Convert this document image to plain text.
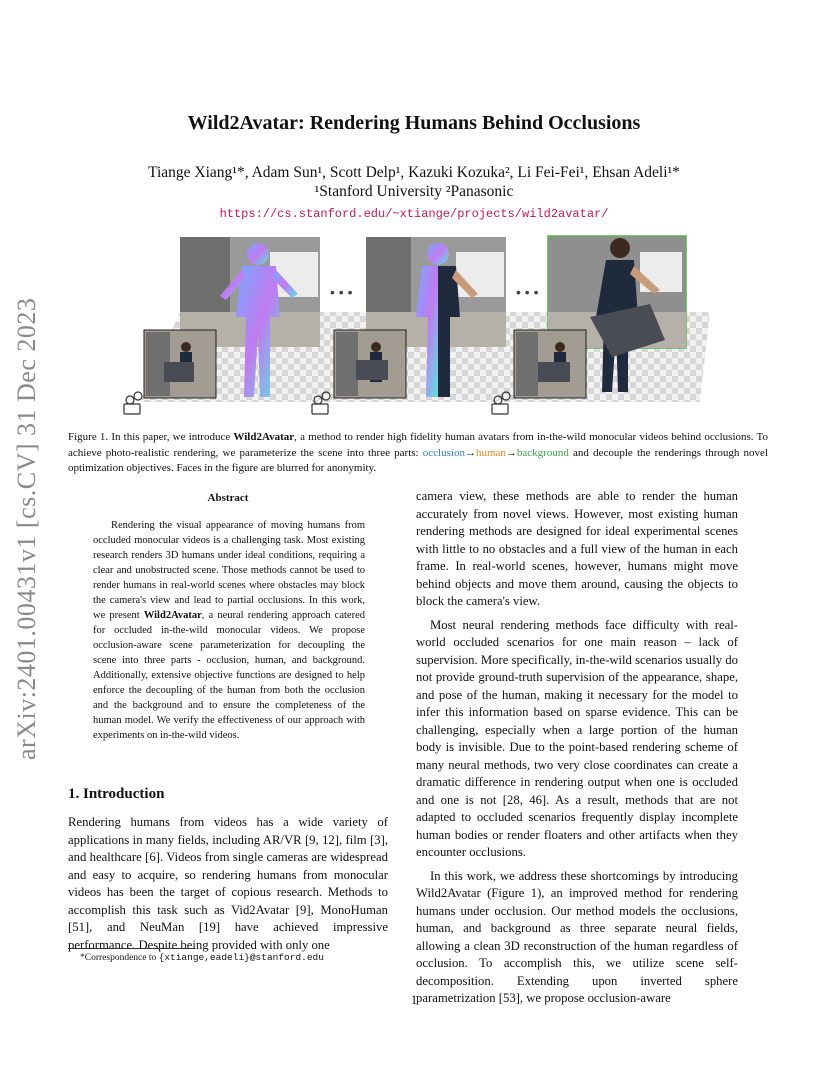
arXiv:2401.00431v1 [cs.CV] 31 Dec 2023
Wild2Avatar: Rendering Humans Behind Occlusions
Tiange Xiang¹*, Adam Sun¹, Scott Delp¹, Kazuki Kozuka², Li Fei-Fei¹, Ehsan Adeli¹*
¹Stanford University ²Panasonic
https://cs.stanford.edu/~xtiange/projects/wild2avatar/
• • •	• • •
Figure 1. In this paper, we introduce Wild2Avatar, a method to render high fidelity human avatars from in-the-wild monocular videos behind occlusions. To achieve photo-realistic rendering, we parameterize the scene into three parts: occlusion→human→background and decouple the renderings through novel optimization objectives. Faces in the figure are blurred for anonymity.
Abstract

Rendering the visual appearance of moving humans from occluded monocular videos is a challenging task. Most existing research renders 3D humans under ideal conditions, requiring a clear and unobstructed scene. Those methods cannot be used to render humans in real-world scenes where obstacles may block the camera's view and lead to partial occlusions. In this work, we present Wild2Avatar, a neural rendering approach catered for occluded in-the-wild monocular videos. We propose occlusion-aware scene parameterization for decoupling the scene into three parts - occlusion, human, and background. Additionally, extensive objective functions are designed to help enforce the decoupling of the human from both the occlusion and the background and to ensure the completeness of the human model. We verify the effectiveness of our approach with experiments on in-the-wild videos.

1. Introduction

Rendering humans from videos has a wide variety of applications in many fields, including AR/VR [9, 12], film [3], and healthcare [6]. Videos from single cameras are widespread and easy to acquire, so rendering humans from monocular videos has been the target of copious research. Methods to accomplish this task such as Vid2Avatar [9], MonoHuman [51], and NeuMan [19] have achieved impressive performance. Despite being provided with only one

camera view, these methods are able to render the human accurately from novel views. However, most existing human rendering methods are designed for ideal experimental scenes with little to no obstacles and a full view of the human in each frame. In real-world scenes, however, humans might move behind objects and move them around, causing the objects to block the camera's view.

Most neural rendering methods face difficulty with real-world occluded scenarios for one main reason – lack of supervision. More specifically, in-the-wild scenarios usually do not provide ground-truth supervision of the appearance, shape, and pose of the human, making it necessary for the model to infer this information based on sparse evidence. This can be challenging, especially when a large portion of the human body is invisible. Due to the point-based rendering scheme of many neural methods, two very close coordinates can create a dramatic difference in rendering output when one is occluded and one is not [28, 46]. As a result, methods that are not adapted to occluded scenarios frequently display incomplete human bodies or render floaters and other artifacts when they encounter occlusions.

In this work, we address these shortcomings by introducing Wild2Avatar (Figure 1), an improved method for rendering humans under occlusion. Our method models the occlusions, human, and background as three separate neural fields, allowing a clean 3D reconstruction of the human regardless of occlusion. To accomplish this, we utilize scene self-decomposition. Extending upon inverted sphere parametrization [53], we propose occlusion-aware

*Correspondence to {xtiange,eadeli}@stanford.edu
1
